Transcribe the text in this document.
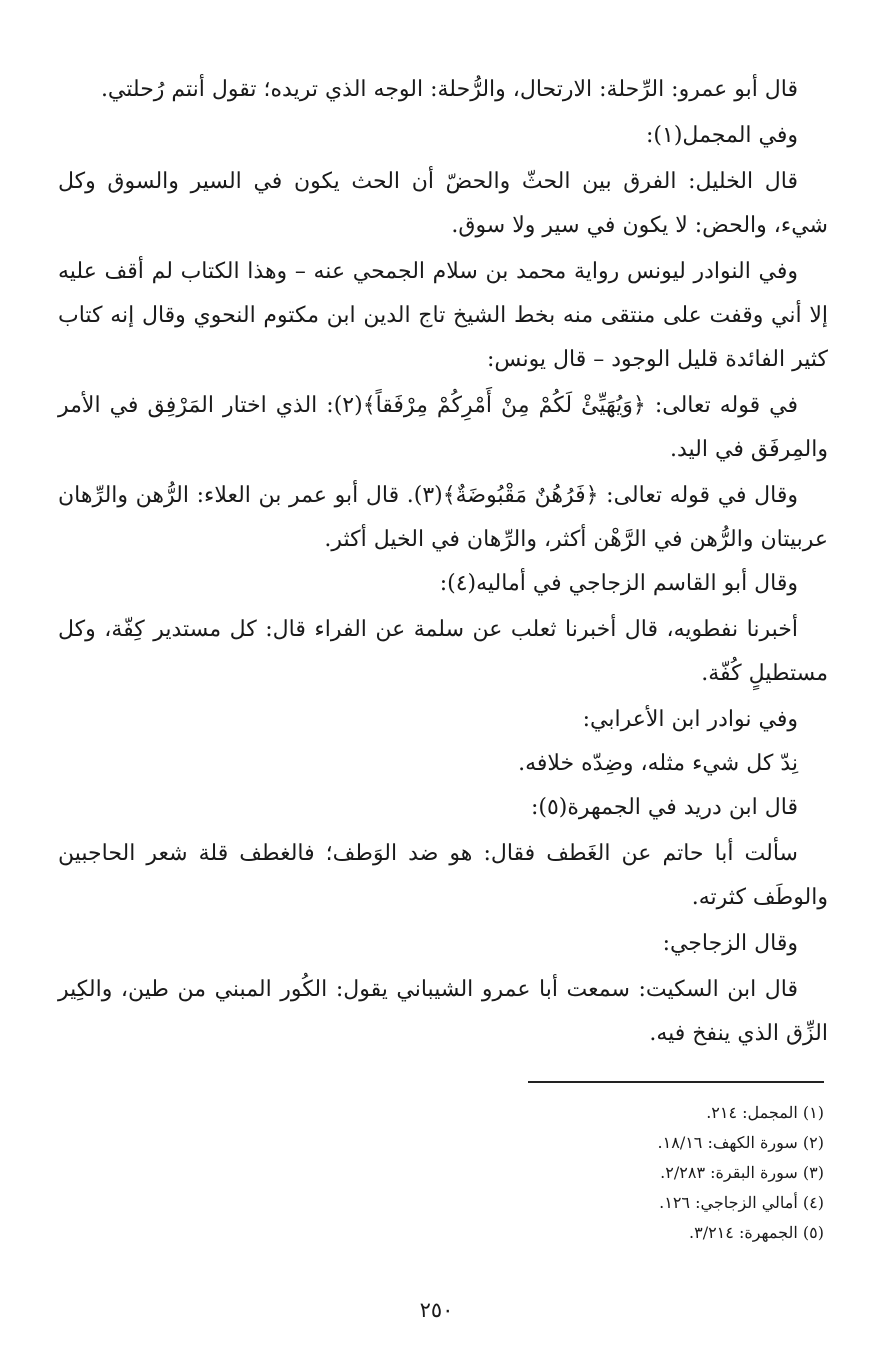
قال أبو عمرو: الرِّحلة: الارتحال، والرُّحلة: الوجه الذي تريده؛ تقول أنتم رُحلتي.

وفي المجمل(١):

قال الخليل: الفرق بين الحثّ والحضّ أن الحث يكون في السير والسوق وكل شيء، والحض: لا يكون في سير ولا سوق.

وفي النوادر ليونس رواية محمد بن سلام الجمحي عنه – وهذا الكتاب لم أقف عليه إلا أني وقفت على منتقى منه بخط الشيخ تاج الدين ابن مكتوم النحوي وقال إنه كتاب كثير الفائدة قليل الوجود – قال يونس:

في قوله تعالى: ﴿وَيُهَيِّئْ لَكُمْ مِنْ أَمْرِكُمْ مِرْفَقاً﴾(٢): الذي اختار المَرْفِق في الأمر والمِرفَق في اليد.

وقال في قوله تعالى: ﴿فَرُهُنٌ مَقْبُوضَةٌ﴾(٣). قال أبو عمر بن العلاء: الرُّهن والرِّهان عربيتان والرُّهن في الرَّهْن أكثر، والرِّهان في الخيل أكثر.

وقال أبو القاسم الزجاجي في أماليه(٤):

أخبرنا نفطويه، قال أخبرنا ثعلب عن سلمة عن الفراء قال: كل مستدير كِفّة، وكل مستطيلٍ كُفّة.

وفي نوادر ابن الأعرابي:

نِدّ كل شيء مثله، وضِدّه خلافه.

قال ابن دريد في الجمهرة(٥):

سألت أبا حاتم عن الغَطف فقال: هو ضد الوَطف؛ فالغطف قلة شعر الحاجبين والوطَف كثرته.

وقال الزجاجي:

قال ابن السكيت: سمعت أبا عمرو الشيباني يقول: الكُور المبني من طين، والكِير الزِّق الذي ينفخ فيه.

(١) المجمل: ٢١٤.
(٢) سورة الكهف: ١٨/١٦.
(٣) سورة البقرة: ٢/٢٨٣.
(٤) أمالي الزجاجي: ١٢٦.
(٥) الجمهرة: ٣/٢١٤.
٢٥٠
